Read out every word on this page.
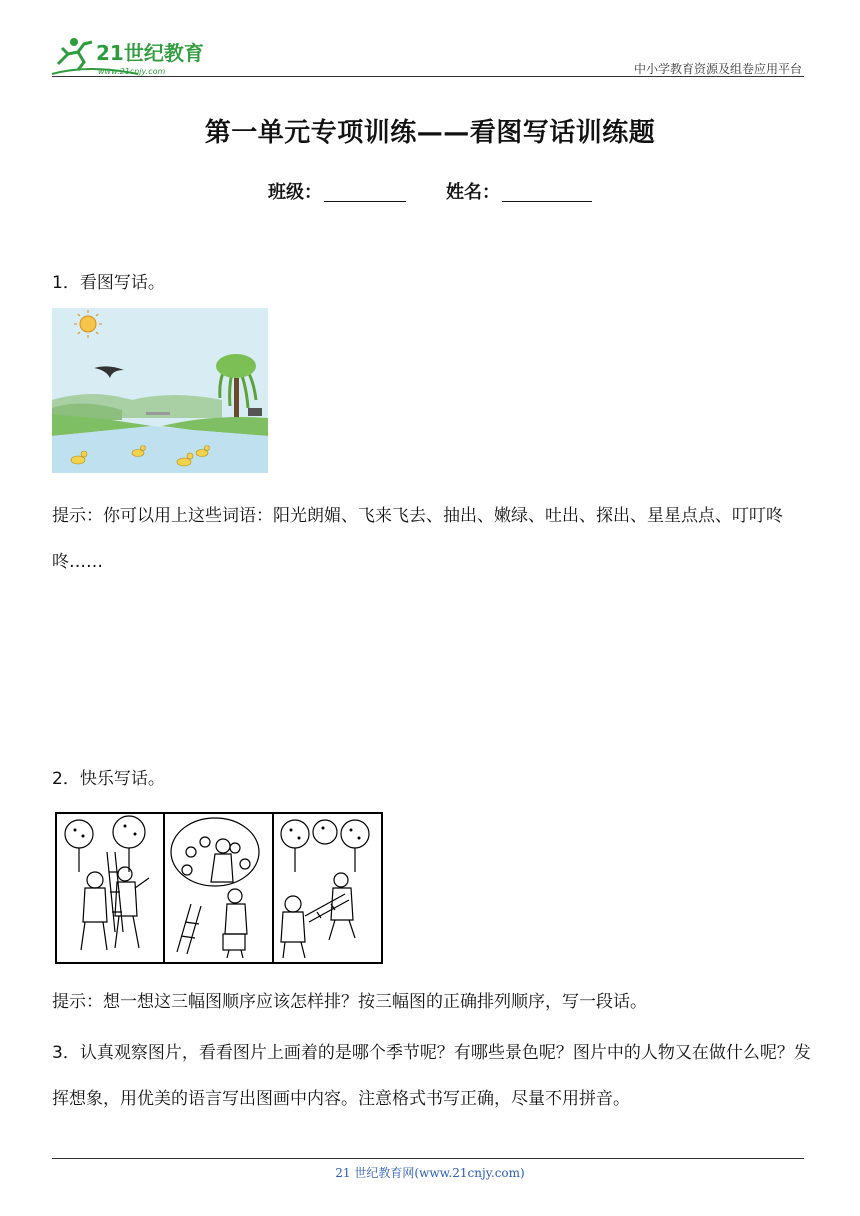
21世纪教育
www.21cnjy.com	中小学教育资源及组卷应用平台
第一单元专项训练——看图写话训练题
班级：	姓名：
1．看图写话。
提示：你可以用上这些词语：阳光朗媚、飞来飞去、抽出、嫩绿、吐出、探出、星星点点、叮叮咚咚……
2．快乐写话。
提示：想一想这三幅图顺序应该怎样排？按三幅图的正确排列顺序，写一段话。
3．认真观察图片，看看图片上画着的是哪个季节呢？有哪些景色呢？图片中的人物又在做什么呢？发挥想象，用优美的语言写出图画中内容。注意格式书写正确，尽量不用拼音。
21 世纪教育网(www.21cnjy.com)
